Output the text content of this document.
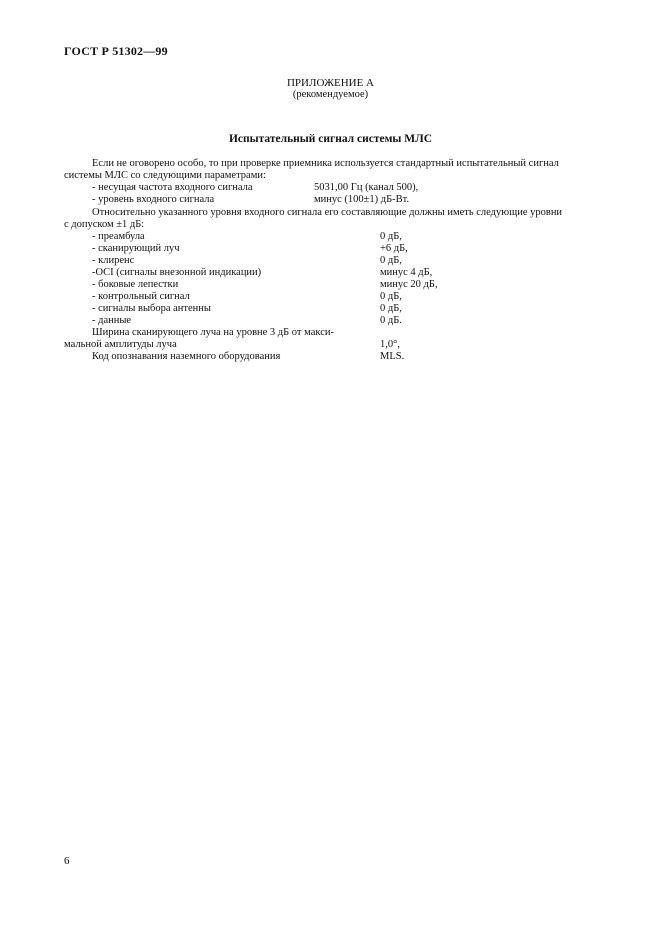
ГОСТ Р 51302—99
ПРИЛОЖЕНИЕ А
(рекомендуемое)
Испытательный сигнал системы МЛС
Если не оговорено особо, то при проверке приемника используется стандартный испытательный сигнал
системы МЛС со следующими параметрами:
- несущая частота входного сигнала	5031,00 Гц (канал 500),
- уровень входного сигнала	минус (100±1) дБ-Вт.
Относительно указанного уровня входного сигнала его составляющие должны иметь следующие уровни
с допуском ±1 дБ:
- преамбула	0 дБ,
- сканирующий луч	+6 дБ,
- клиренс	0 дБ,
-OCI (сигналы внезонной индикации)	минус 4 дБ,
- боковые лепестки	минус 20 дБ,
- контрольный сигнал	0 дБ,
- сигналы выбора антенны	0 дБ,
- данные	0 дБ.
Ширина сканирующего луча на уровне 3 дБ от макси-
мальной амплитуды луча	1,0°,
Код опознавания наземного оборудования	MLS.
6
